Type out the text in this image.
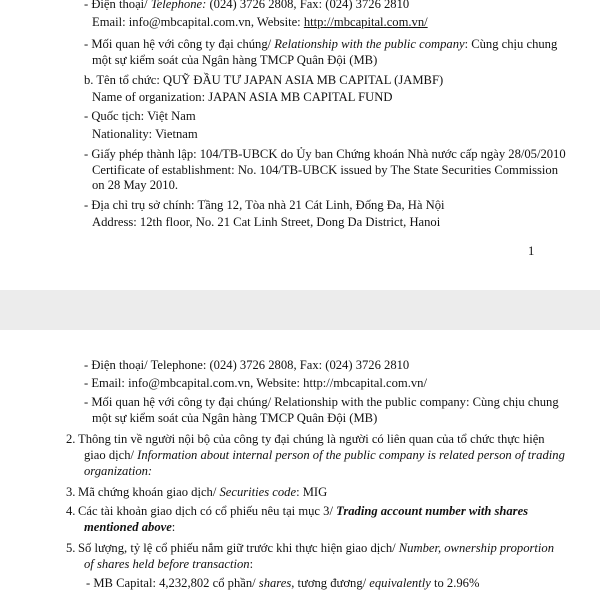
- Điện thoại/ Telephone: (024) 3726 2808, Fax: (024) 3726 2810
Email: info@mbcapital.com.vn, Website: http://mbcapital.com.vn/
- Mối quan hệ với công ty đại chúng/ Relationship with the public company: Cùng chịu chung
một sự kiểm soát của Ngân hàng TMCP Quân Đội (MB)
b. Tên tổ chức: QUỸ ĐẦU TƯ JAPAN ASIA MB CAPITAL (JAMBF)
Name of organization: JAPAN ASIA MB CAPITAL FUND
- Quốc tịch: Việt Nam
Nationality: Vietnam
- Giấy phép thành lập: 104/TB-UBCK do Ủy ban Chứng khoán Nhà nước cấp ngày 28/05/2010
Certificate of establishment: No. 104/TB-UBCK issued by The State Securities Commission
on 28 May 2010.
- Địa chỉ trụ sở chính: Tầng 12, Tòa nhà 21 Cát Linh, Đống Đa, Hà Nội
Address: 12th floor, No. 21 Cat Linh Street, Dong Da District, Hanoi
1
- Điện thoại/ Telephone: (024) 3726 2808, Fax: (024) 3726 2810
- Email: info@mbcapital.com.vn, Website: http://mbcapital.com.vn/
- Mối quan hệ với công ty đại chúng/ Relationship with the public company: Cùng chịu chung
một sự kiểm soát của Ngân hàng TMCP Quân Đội (MB)
2. Thông tin về người nội bộ của công ty đại chúng là người có liên quan của tổ chức thực hiện
giao dịch/ Information about internal person of the public company is related person of trading
organization:
3. Mã chứng khoán giao dịch/ Securities code: MIG
4. Các tài khoản giao dịch có cổ phiếu nêu tại mục 3/ Trading account number with shares
mentioned above:
5. Số lượng, tỷ lệ cổ phiếu nắm giữ trước khi thực hiện giao dịch/ Number, ownership proportion
of shares held before transaction:
- MB Capital: 4,232,802 cổ phần/ shares, tương đương/ equivalently to 2.96%
